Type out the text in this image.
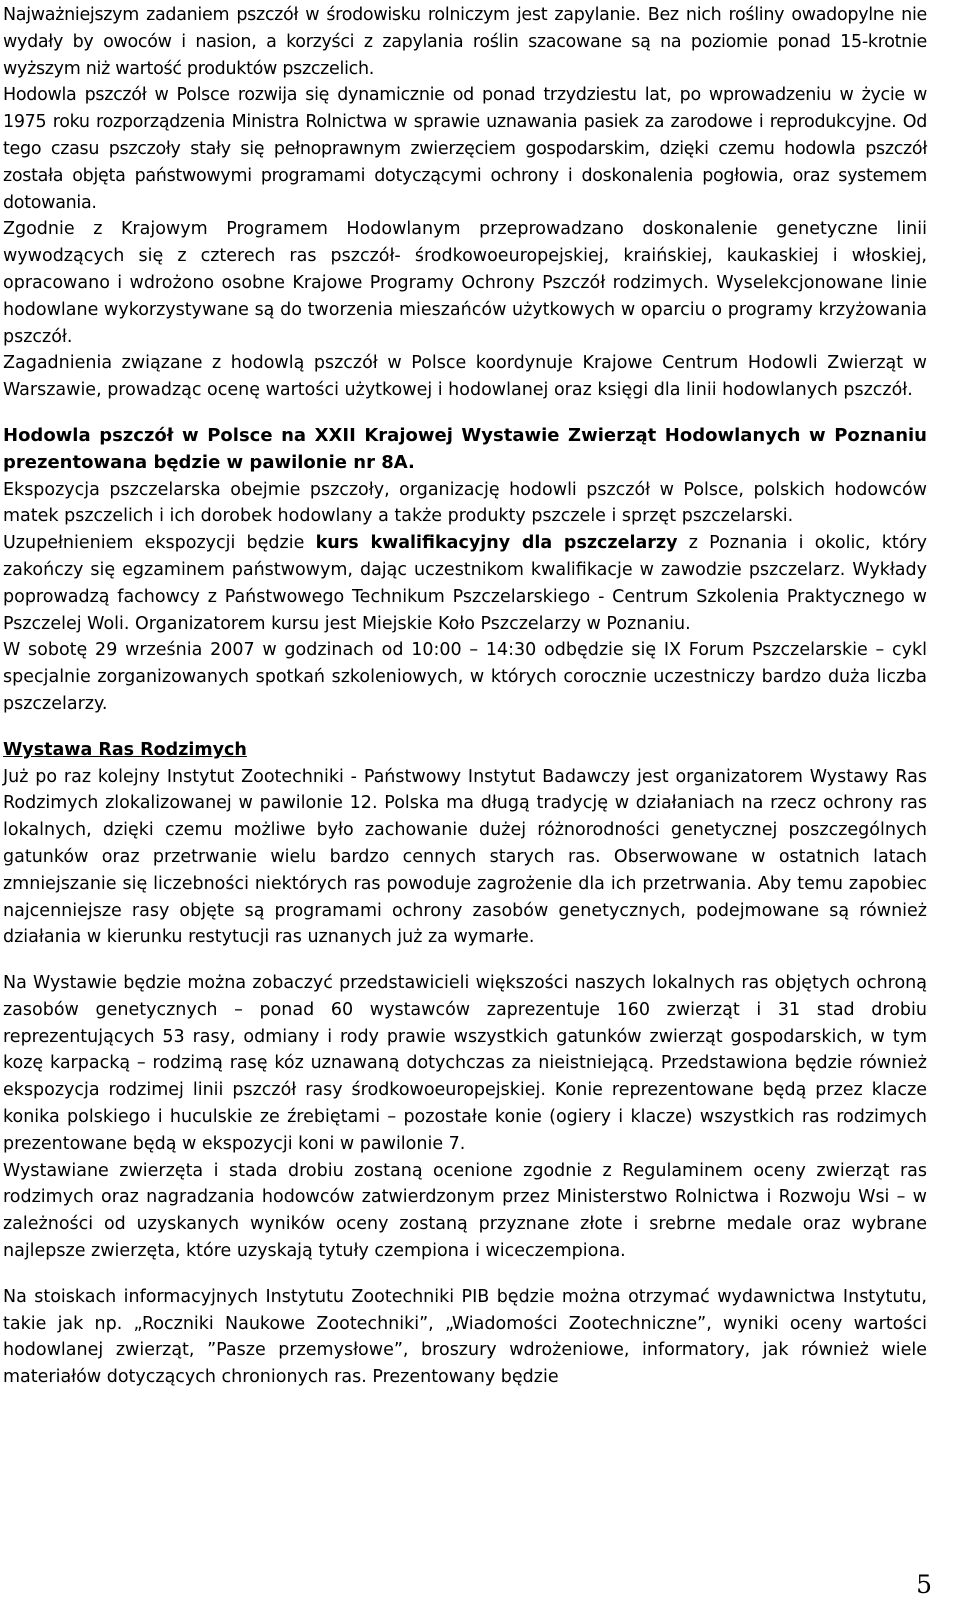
Najważniejszym zadaniem pszczół w środowisku rolniczym jest zapylanie. Bez nich rośliny owadopylne nie wydały by owoców i nasion, a korzyści z zapylania roślin szacowane są na poziomie ponad 15-krotnie wyższym niż wartość produktów pszczelich.

Hodowla pszczół w Polsce rozwija się dynamicznie od ponad trzydziestu lat, po wprowadzeniu w życie w 1975 roku rozporządzenia Ministra Rolnictwa w sprawie uznawania pasiek za zarodowe i reprodukcyjne. Od tego czasu pszczoły stały się pełnoprawnym zwierzęciem gospodarskim, dzięki czemu hodowla pszczół została objęta państwowymi programami dotyczącymi ochrony i doskonalenia pogłowia, oraz systemem dotowania.

Zgodnie z Krajowym Programem Hodowlanym przeprowadzano doskonalenie genetyczne linii wywodzących się z czterech ras pszczół- środkowoeuropejskiej, kraińskiej, kaukaskiej i włoskiej, opracowano i wdrożono osobne Krajowe Programy Ochrony Pszczół rodzimych. Wyselekcjonowane linie hodowlane wykorzystywane są do tworzenia mieszańców użytkowych w oparciu o programy krzyżowania pszczół.

Zagadnienia związane z hodowlą pszczół w Polsce koordynuje Krajowe Centrum Hodowli Zwierząt w Warszawie, prowadząc ocenę wartości użytkowej i hodowlanej oraz księgi dla linii hodowlanych pszczół.

Hodowla pszczół w Polsce na XXII Krajowej Wystawie Zwierząt Hodowlanych w Poznaniu prezentowana będzie w pawilonie nr 8A.

Ekspozycja pszczelarska obejmie pszczoły, organizację hodowli pszczół w Polsce, polskich hodowców matek pszczelich i ich dorobek hodowlany a także produkty pszczele i sprzęt pszczelarski.

Uzupełnieniem ekspozycji będzie kurs kwalifikacyjny dla pszczelarzy z Poznania i okolic, który zakończy się egzaminem państwowym, dając uczestnikom kwalifikacje w zawodzie pszczelarz. Wykłady poprowadzą fachowcy z Państwowego Technikum Pszczelarskiego - Centrum Szkolenia Praktycznego w Pszczelej Woli. Organizatorem kursu jest Miejskie Koło Pszczelarzy w Poznaniu.

W sobotę 29 września 2007 w godzinach od 10:00 – 14:30 odbędzie się IX Forum Pszczelarskie – cykl specjalnie zorganizowanych spotkań szkoleniowych, w których corocznie uczestniczy bardzo duża liczba pszczelarzy.

Wystawa Ras Rodzimych

Już po raz kolejny Instytut Zootechniki - Państwowy Instytut Badawczy jest organizatorem Wystawy Ras Rodzimych zlokalizowanej w pawilonie 12. Polska ma długą tradycję w działaniach na rzecz ochrony ras lokalnych, dzięki czemu możliwe było zachowanie dużej różnorodności genetycznej poszczególnych gatunków oraz przetrwanie wielu bardzo cennych starych ras. Obserwowane w ostatnich latach zmniejszanie się liczebności niektórych ras powoduje zagrożenie dla ich przetrwania. Aby temu zapobiec najcenniejsze rasy objęte są programami ochrony zasobów genetycznych, podejmowane są również działania w kierunku restytucji ras uznanych już za wymarłe.

Na Wystawie będzie można zobaczyć przedstawicieli większości naszych lokalnych ras objętych ochroną zasobów genetycznych – ponad 60 wystawców zaprezentuje 160 zwierząt i 31 stad drobiu reprezentujących 53 rasy, odmiany i rody prawie wszystkich gatunków zwierząt gospodarskich, w tym kozę karpacką – rodzimą rasę kóz uznawaną dotychczas za nieistniejącą. Przedstawiona będzie również ekspozycja rodzimej linii pszczół rasy środkowoeuropejskiej. Konie reprezentowane będą przez klacze konika polskiego i huculskie ze źrebiętami – pozostałe konie (ogiery i klacze) wszystkich ras rodzimych prezentowane będą w ekspozycji koni w pawilonie 7.

Wystawiane zwierzęta i stada drobiu zostaną ocenione zgodnie z Regulaminem oceny zwierząt ras rodzimych oraz nagradzania hodowców zatwierdzonym przez Ministerstwo Rolnictwa i Rozwoju Wsi – w zależności od uzyskanych wyników oceny zostaną przyznane złote i srebrne medale oraz wybrane najlepsze zwierzęta, które uzyskają tytuły czempiona i wiceczempiona.

Na stoiskach informacyjnych Instytutu Zootechniki PIB będzie można otrzymać wydawnictwa Instytutu, takie jak np. „Roczniki Naukowe Zootechniki”, „Wiadomości Zootechniczne”, wyniki oceny wartości hodowlanej zwierząt, ”Pasze przemysłowe”, broszury wdrożeniowe, informatory, jak również wiele materiałów dotyczących chronionych ras. Prezentowany będzie

5
